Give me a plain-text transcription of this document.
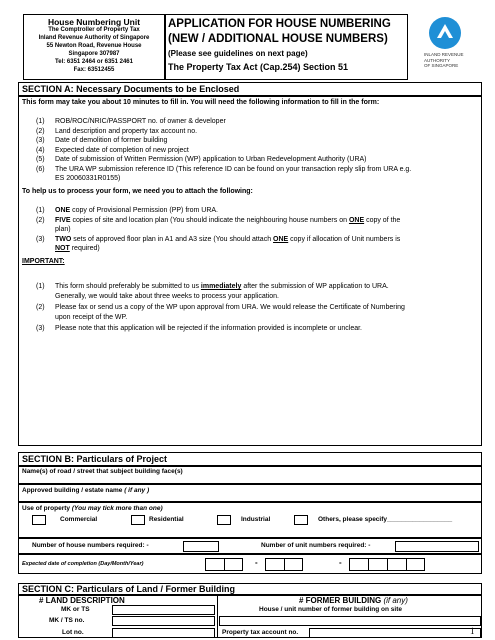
House Numbering Unit
The Comptroller of Property Tax
Inland Revenue Authority of Singapore
55 Newton Road, Revenue House
Singapore 307987
Tel: 6351 2464 or 6351 2461
Fax: 63512455
APPLICATION FOR HOUSE NUMBERING
(NEW / ADDITIONAL HOUSE NUMBERS)
(Please see guidelines on next page)
The Property Tax Act (Cap.254) Section 51
INLAND REVENUE
AUTHORITY
OF SINGAPORE
SECTION A: Necessary Documents to be Enclosed
This form may take you about 10 minutes to fill in. You will need the following information to fill in the form:
(1) ROB/ROC/NRIC/PASSPORT no. of owner & developer
(2) Land description and property tax account no.
(3) Date of demolition of former building
(4) Expected date of completion of new project
(5) Date of submission of Written Permission (WP) application to Urban Redevelopment Authority (URA)
(6) The URA WP submission reference ID (This reference ID can be found on your transaction reply slip from URA e.g.
ES 20060331R0155)
To help us to process your form, we need you to attach the following:
(1) ONE copy of Provisional Permission (PP) from URA.
(2) FIVE copies of site and location plan (You should indicate the neighbouring house numbers on ONE copy of the
plan)
(3) TWO sets of approved floor plan in A1 and A3 size (You should attach ONE copy if allocation of Unit numbers is
NOT required)
IMPORTANT:
(1) This form should preferably be submitted to us immediately after the submission of WP application to URA.
Generally, we would take about three weeks to process your application.
(2) Please fax or send us a copy of the WP upon approval from URA. We would release the Certificate of Numbering
upon receipt of the WP.
(3) Please note that this application will be rejected if the information provided is incomplete or unclear.
SECTION B: Particulars of Project
Name(s) of road / street that subject building face(s)
Approved building / estate name ( if any )
Use of property (You may tick more than one)
Commercial	Residential	Industrial	Others, please specify__________________
Number of house numbers required: -	Number of unit numbers required: -
Expected date of completion (Day/Month/Year)	-	-
SECTION C: Particulars of Land / Former Building
# LAND DESCRIPTION	# FORMER BUILDING (if any)
MK or TS	House / unit number of former building on site
MK / TS no.
Lot no.	Property tax account no.	1
